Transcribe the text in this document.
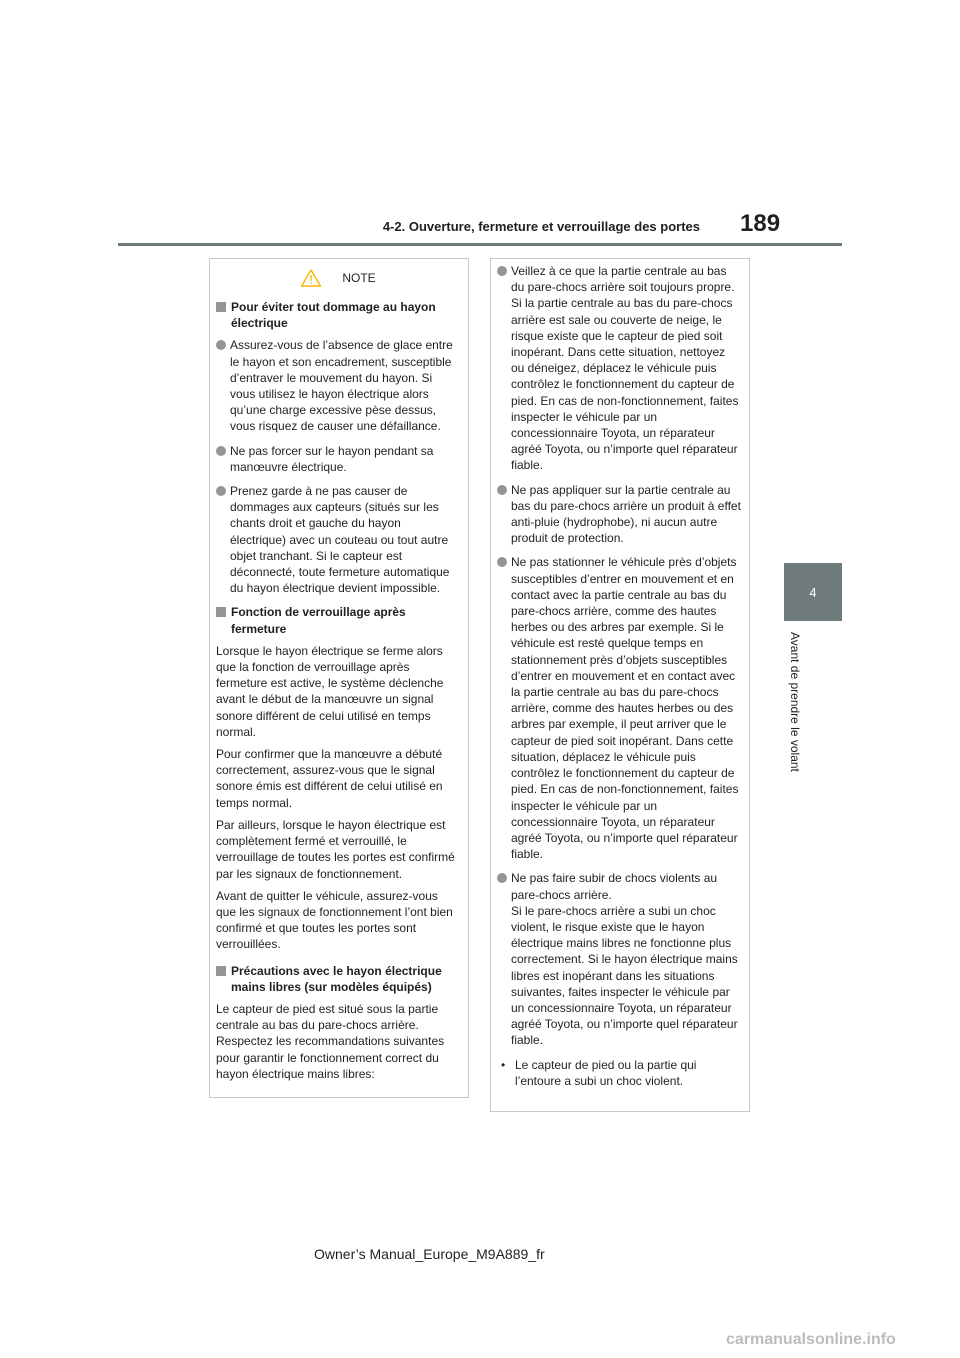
4-2. Ouverture, fermeture et verrouillage des portes 189
4
Avant de prendre le volant
NOTE
Pour éviter tout dommage au hayon électrique
Assurez-vous de l’absence de glace entre le hayon et son encadrement, susceptible d’entraver le mouvement du hayon. Si vous utilisez le hayon électrique alors qu’une charge excessive pèse dessus, vous risquez de causer une défaillance.
Ne pas forcer sur le hayon pendant sa manœuvre électrique.
Prenez garde à ne pas causer de dommages aux capteurs (situés sur les chants droit et gauche du hayon électrique) avec un couteau ou tout autre objet tranchant. Si le capteur est déconnecté, toute fermeture automatique du hayon électrique devient impossible.
Fonction de verrouillage après fermeture

Lorsque le hayon électrique se ferme alors que la fonction de verrouillage après fermeture est active, le système déclenche avant le début de la manœuvre un signal sonore différent de celui utilisé en temps normal.

Pour confirmer que la manœuvre a débuté correctement, assurez-vous que le signal sonore émis est différent de celui utilisé en temps normal.

Par ailleurs, lorsque le hayon électrique est complètement fermé et verrouillé, le verrouillage de toutes les portes est confirmé par les signaux de fonctionnement.

Avant de quitter le véhicule, assurez-vous que les signaux de fonctionnement l’ont bien confirmé et que toutes les portes sont verrouillées.

Précautions avec le hayon électrique mains libres (sur modèles équipés)

Le capteur de pied est situé sous la partie centrale au bas du pare-chocs arrière. Respectez les recommandations suivantes pour garantir le fonctionnement correct du hayon électrique mains libres:

Veillez à ce que la partie centrale au bas du pare-chocs arrière soit toujours propre. Si la partie centrale au bas du pare-chocs arrière est sale ou couverte de neige, le risque existe que le capteur de pied soit inopérant. Dans cette situation, nettoyez ou déneigez, déplacez le véhicule puis contrôlez le fonctionnement du capteur de pied. En cas de non-fonctionnement, faites inspecter le véhicule par un concessionnaire Toyota, un réparateur agréé Toyota, ou n’importe quel réparateur fiable.
Ne pas appliquer sur la partie centrale au bas du pare-chocs arrière un produit à effet anti-pluie (hydrophobe), ni aucun autre produit de protection.
Ne pas stationner le véhicule près d’objets susceptibles d’entrer en mouvement et en contact avec la partie centrale au bas du pare-chocs arrière, comme des hautes herbes ou des arbres par exemple. Si le véhicule est resté quelque temps en stationnement près d’objets susceptibles d’entrer en mouvement et en contact avec la partie centrale au bas du pare-chocs arrière, comme des hautes herbes ou des arbres par exemple, il peut arriver que le capteur de pied soit inopérant. Dans cette situation, déplacez le véhicule puis contrôlez le fonctionnement du capteur de pied. En cas de non-fonctionnement, faites inspecter le véhicule par un concessionnaire Toyota, un réparateur agréé Toyota, ou n’importe quel réparateur fiable.
Ne pas faire subir de chocs violents au pare-chocs arrière.
Si le pare-chocs arrière a subi un choc violent, le risque existe que le hayon électrique mains libres ne fonctionne plus correctement. Si le hayon électrique mains libres est inopérant dans les situations suivantes, faites inspecter le véhicule par un concessionnaire Toyota, un réparateur agréé Toyota, ou n’importe quel réparateur fiable.
• Le capteur de pied ou la partie qui l’entoure a subi un choc violent.
Owner’s Manual_Europe_M9A889_fr
carmanualsonline.info
